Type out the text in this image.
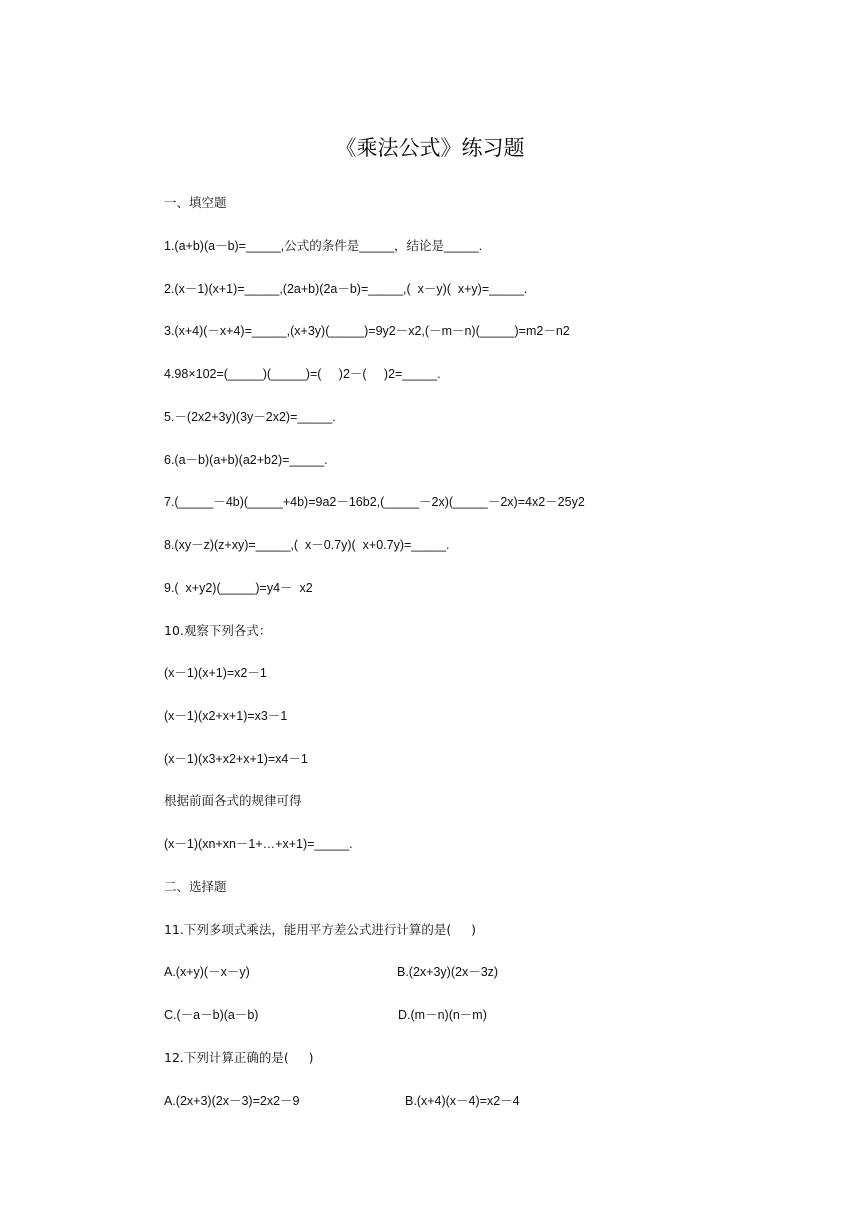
《乘法公式》练习题
一、填空题
1.(a+b)(a－b)=_____,公式的条件是_____，结论是_____.
2.(x－1)(x+1)=_____,(2a+b)(2a－b)=_____,(  x－y)(  x+y)=_____.
3.(x+4)(－x+4)=_____,(x+3y)(_____)=9y2－x2,(－m－n)(_____)=m2－n2
4.98×102=(_____)(_____)=(     )2－(     )2=_____.
5.－(2x2+3y)(3y－2x2)=_____.
6.(a－b)(a+b)(a2+b2)=_____.
7.(_____－4b)(_____+4b)=9a2－16b2,(_____－2x)(_____－2x)=4x2－25y2
8.(xy－z)(z+xy)=_____,(  x－0.7y)(  x+0.7y)=_____.
9.(  x+y2)(_____)=y4－  x2
10.观察下列各式：
(x－1)(x+1)=x2－1
(x－1)(x2+x+1)=x3－1
(x－1)(x3+x2+x+1)=x4－1
根据前面各式的规律可得
(x－1)(xn+xn－1+…+x+1)=_____.
二、选择题
11.下列多项式乘法，能用平方差公式进行计算的是(     )
A.(x+y)(－x－y)	B.(2x+3y)(2x－3z)
C.(－a－b)(a－b)	D.(m－n)(n－m)
12.下列计算正确的是(     )
A.(2x+3)(2x－3)=2x2－9	B.(x+4)(x－4)=x2－4
